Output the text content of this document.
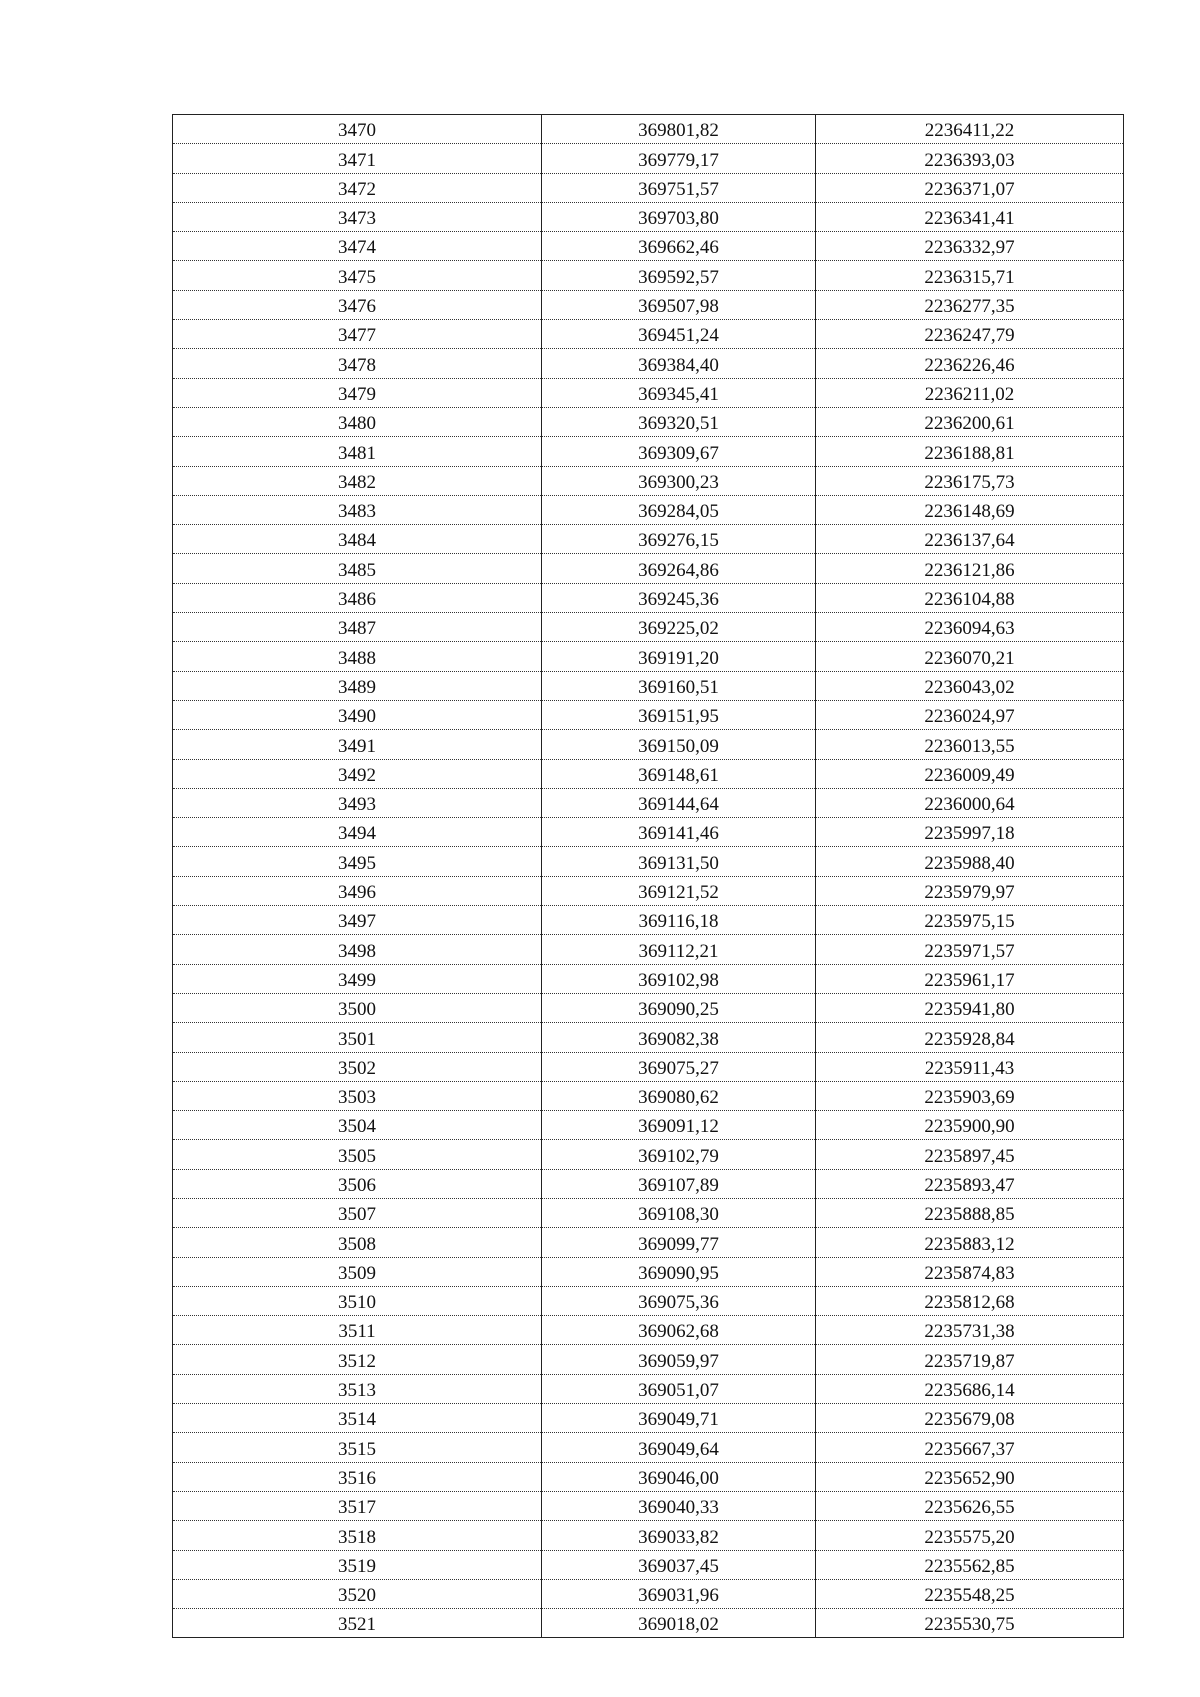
3470	369801,82	2236411,22
3471	369779,17	2236393,03
3472	369751,57	2236371,07
3473	369703,80	2236341,41
3474	369662,46	2236332,97
3475	369592,57	2236315,71
3476	369507,98	2236277,35
3477	369451,24	2236247,79
3478	369384,40	2236226,46
3479	369345,41	2236211,02
3480	369320,51	2236200,61
3481	369309,67	2236188,81
3482	369300,23	2236175,73
3483	369284,05	2236148,69
3484	369276,15	2236137,64
3485	369264,86	2236121,86
3486	369245,36	2236104,88
3487	369225,02	2236094,63
3488	369191,20	2236070,21
3489	369160,51	2236043,02
3490	369151,95	2236024,97
3491	369150,09	2236013,55
3492	369148,61	2236009,49
3493	369144,64	2236000,64
3494	369141,46	2235997,18
3495	369131,50	2235988,40
3496	369121,52	2235979,97
3497	369116,18	2235975,15
3498	369112,21	2235971,57
3499	369102,98	2235961,17
3500	369090,25	2235941,80
3501	369082,38	2235928,84
3502	369075,27	2235911,43
3503	369080,62	2235903,69
3504	369091,12	2235900,90
3505	369102,79	2235897,45
3506	369107,89	2235893,47
3507	369108,30	2235888,85
3508	369099,77	2235883,12
3509	369090,95	2235874,83
3510	369075,36	2235812,68
3511	369062,68	2235731,38
3512	369059,97	2235719,87
3513	369051,07	2235686,14
3514	369049,71	2235679,08
3515	369049,64	2235667,37
3516	369046,00	2235652,90
3517	369040,33	2235626,55
3518	369033,82	2235575,20
3519	369037,45	2235562,85
3520	369031,96	2235548,25
3521	369018,02	2235530,75
